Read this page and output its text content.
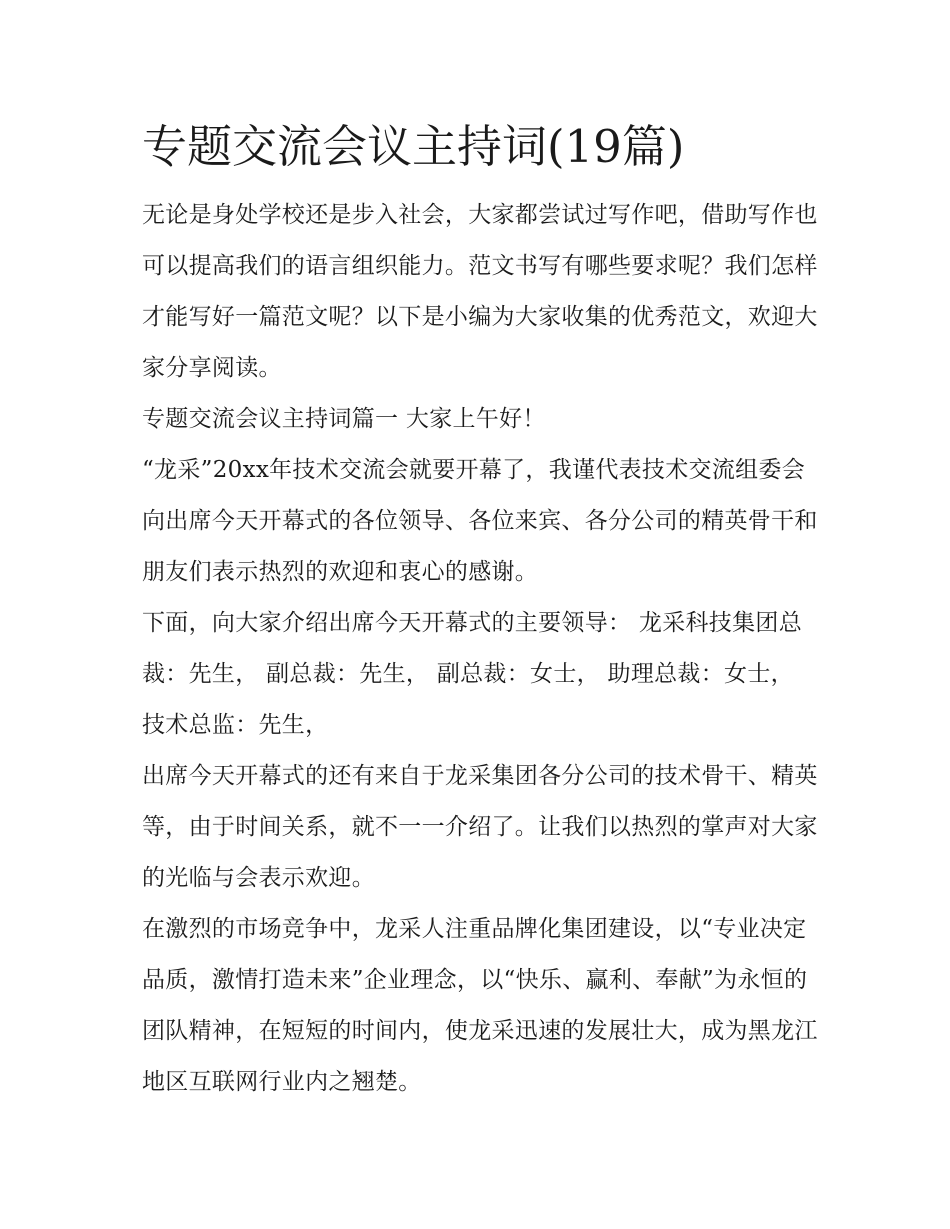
专题交流会议主持词(19篇)

无论是身处学校还是步入社会，大家都尝试过写作吧，借助写作也可以提高我们的语言组织能力。范文书写有哪些要求呢？我们怎样才能写好一篇范文呢？以下是小编为大家收集的优秀范文，欢迎大家分享阅读。

专题交流会议主持词篇一 大家上午好！

“龙采”20xx年技术交流会就要开幕了，我谨代表技术交流组委会向出席今天开幕式的各位领导、各位来宾、各分公司的精英骨干和朋友们表示热烈的欢迎和衷心的感谢。

下面，向大家介绍出席今天开幕式的主要领导： 龙采科技集团总裁：先生， 副总裁：先生， 副总裁：女士， 助理总裁：女士， 技术总监：先生，

出席今天开幕式的还有来自于龙采集团各分公司的技术骨干、精英等，由于时间关系，就不一一介绍了。让我们以热烈的掌声对大家的光临与会表示欢迎。

在激烈的市场竞争中，龙采人注重品牌化集团建设，以“专业决定品质，激情打造未来”企业理念，以“快乐、赢利、奉献”为永恒的团队精神，在短短的时间内，使龙采迅速的发展壮大，成为黑龙江地区互联网行业内之翘楚。
